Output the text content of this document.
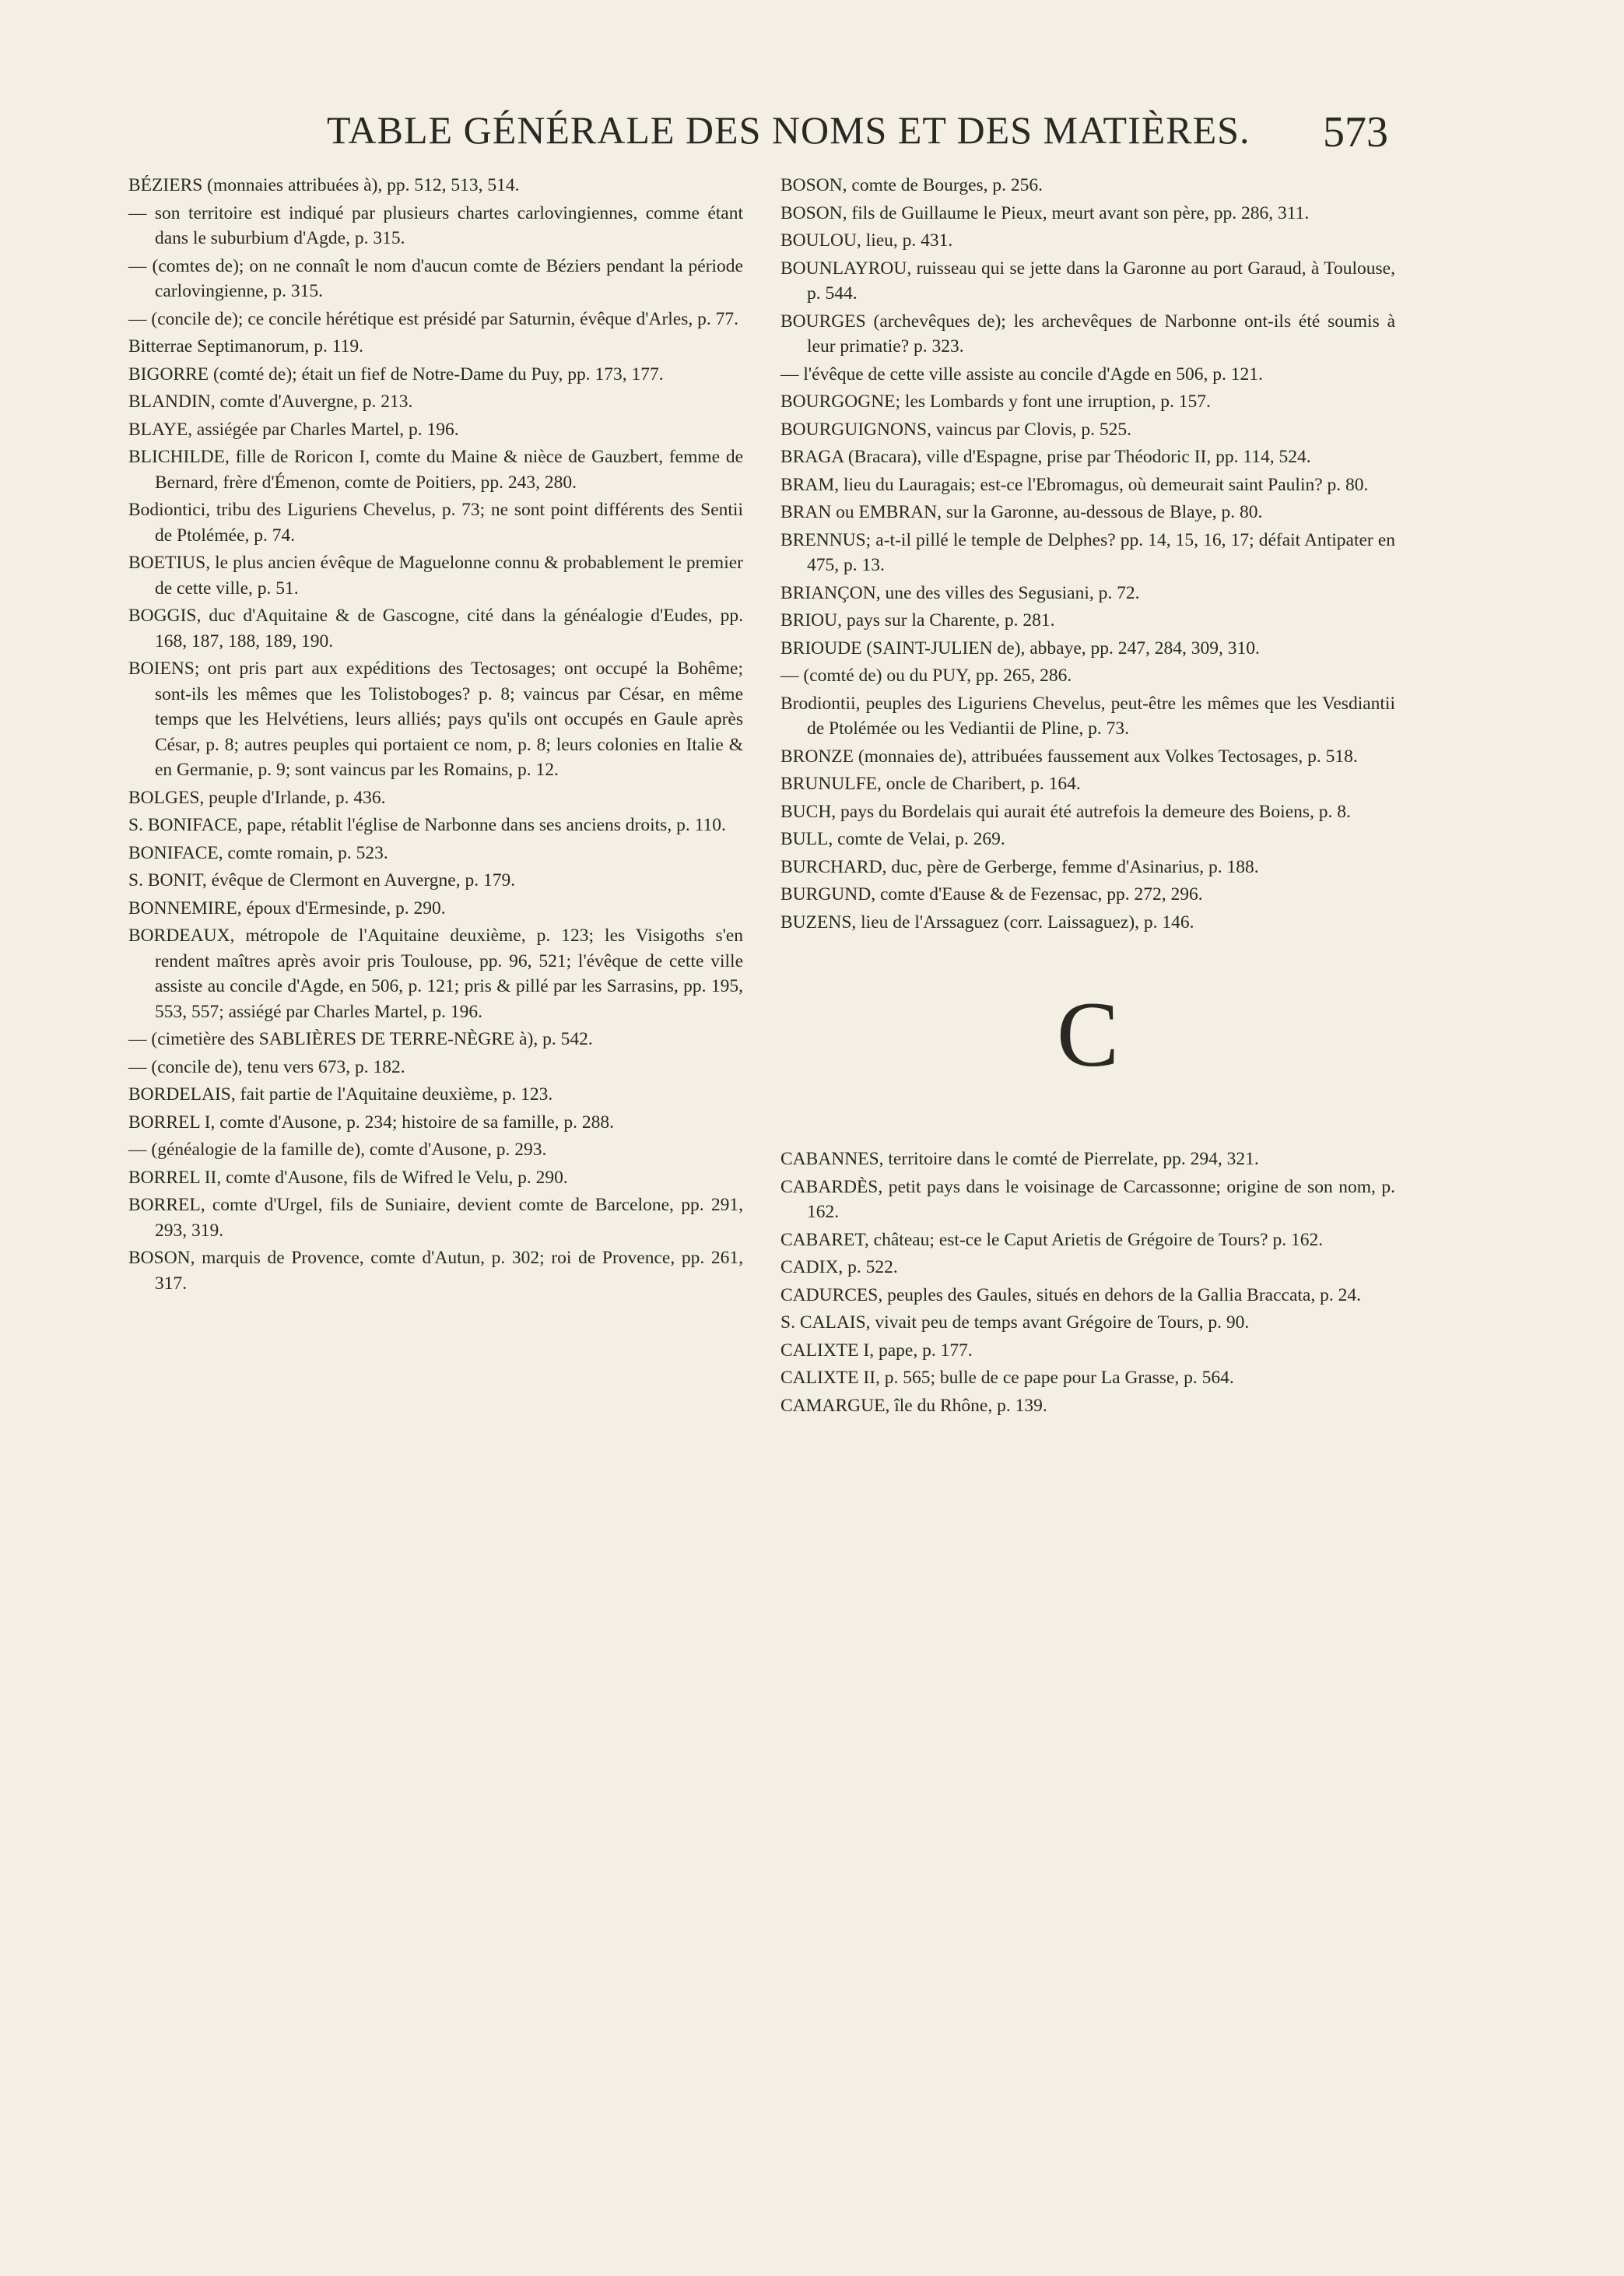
TABLE GÉNÉRALE DES NOMS ET DES MATIÈRES. 573
BÉZIERS (monnaies attribuées à), pp. 512, 513, 514.
— son territoire est indiqué par plusieurs chartes carlovingiennes, comme étant dans le suburbium d'Agde, p. 315.
— (comtes de); on ne connaît le nom d'aucun comte de Béziers pendant la période carlovingienne, p. 315.
— (concile de); ce concile hérétique est présidé par Saturnin, évêque d'Arles, p. 77.
Bitterrae Septimanorum, p. 119.
BIGORRE (comté de); était un fief de Notre-Dame du Puy, pp. 173, 177.
BLANDIN, comte d'Auvergne, p. 213.
BLAYE, assiégée par Charles Martel, p. 196.
BLICHILDE, fille de Roricon I, comte du Maine & nièce de Gauzbert, femme de Bernard, frère d'Émenon, comte de Poitiers, pp. 243, 280.
Bodiontici, tribu des Liguriens Chevelus, p. 73; ne sont point différents des Sentii de Ptolémée, p. 74.
BOETIUS, le plus ancien évêque de Maguelonne connu & probablement le premier de cette ville, p. 51.
BOGGIS, duc d'Aquitaine & de Gascogne, cité dans la généalogie d'Eudes, pp. 168, 187, 188, 189, 190.
BOIENS; ont pris part aux expéditions des Tectosages; ont occupé la Bohême; sont-ils les mêmes que les Tolistoboges? p. 8; vaincus par César, en même temps que les Helvétiens, leurs alliés; pays qu'ils ont occupés en Gaule après César, p. 8; autres peuples qui portaient ce nom, p. 8; leurs colonies en Italie & en Germanie, p. 9; sont vaincus par les Romains, p. 12.
BOLGES, peuple d'Irlande, p. 436.
S. BONIFACE, pape, rétablit l'église de Narbonne dans ses anciens droits, p. 110.
BONIFACE, comte romain, p. 523.
S. BONIT, évêque de Clermont en Auvergne, p. 179.
BONNEMIRE, époux d'Ermesinde, p. 290.
BORDEAUX, métropole de l'Aquitaine deuxième, p. 123; les Visigoths s'en rendent maîtres après avoir pris Toulouse, pp. 96, 521; l'évêque de cette ville assiste au concile d'Agde, en 506, p. 121; pris & pillé par les Sarrasins, pp. 195, 553, 557; assiégé par Charles Martel, p. 196.
— (cimetière des SABLIÈRES DE TERRE-NÈGRE à), p. 542.
— (concile de), tenu vers 673, p. 182.
BORDELAIS, fait partie de l'Aquitaine deuxième, p. 123.
BORREL I, comte d'Ausone, p. 234; histoire de sa famille, p. 288.
— (généalogie de la famille de), comte d'Ausone, p. 293.
BORREL II, comte d'Ausone, fils de Wifred le Velu, p. 290.
BORREL, comte d'Urgel, fils de Suniaire, devient comte de Barcelone, pp. 291, 293, 319.
BOSON, marquis de Provence, comte d'Autun, p. 302; roi de Provence, pp. 261, 317.
BOSON, comte de Bourges, p. 256.
BOSON, fils de Guillaume le Pieux, meurt avant son père, pp. 286, 311.
BOULOU, lieu, p. 431.
BOUNLAYROU, ruisseau qui se jette dans la Garonne au port Garaud, à Toulouse, p. 544.
BOURGES (archevêques de); les archevêques de Narbonne ont-ils été soumis à leur primatie? p. 323.
— l'évêque de cette ville assiste au concile d'Agde en 506, p. 121.
BOURGOGNE; les Lombards y font une irruption, p. 157.
BOURGUIGNONS, vaincus par Clovis, p. 525.
BRAGA (Bracara), ville d'Espagne, prise par Théodoric II, pp. 114, 524.
BRAM, lieu du Lauragais; est-ce l'Ebromagus, où demeurait saint Paulin? p. 80.
BRAN ou EMBRAN, sur la Garonne, au-dessous de Blaye, p. 80.
BRENNUS; a-t-il pillé le temple de Delphes? pp. 14, 15, 16, 17; défait Antipater en 475, p. 13.
BRIANÇON, une des villes des Segusiani, p. 72.
BRIOU, pays sur la Charente, p. 281.
BRIOUDE (SAINT-JULIEN de), abbaye, pp. 247, 284, 309, 310.
— (comté de) ou du PUY, pp. 265, 286.
Brodiontii, peuples des Liguriens Chevelus, peut-être les mêmes que les Vesdiantii de Ptolémée ou les Vediantii de Pline, p. 73.
BRONZE (monnaies de), attribuées faussement aux Volkes Tectosages, p. 518.
BRUNULFE, oncle de Charibert, p. 164.
BUCH, pays du Bordelais qui aurait été autrefois la demeure des Boiens, p. 8.
BULL, comte de Velai, p. 269.
BURCHARD, duc, père de Gerberge, femme d'Asinarius, p. 188.
BURGUND, comte d'Eause & de Fezensac, pp. 272, 296.
BUZENS, lieu de l'Arssaguez (corr. Laissaguez), p. 146.
C
CABANNES, territoire dans le comté de Pierrelate, pp. 294, 321.
CABARDÈS, petit pays dans le voisinage de Carcassonne; origine de son nom, p. 162.
CABARET, château; est-ce le Caput Arietis de Grégoire de Tours? p. 162.
CADIX, p. 522.
CADURCES, peuples des Gaules, situés en dehors de la Gallia Braccata, p. 24.
S. CALAIS, vivait peu de temps avant Grégoire de Tours, p. 90.
CALIXTE I, pape, p. 177.
CALIXTE II, p. 565; bulle de ce pape pour La Grasse, p. 564.
CAMARGUE, île du Rhône, p. 139.
